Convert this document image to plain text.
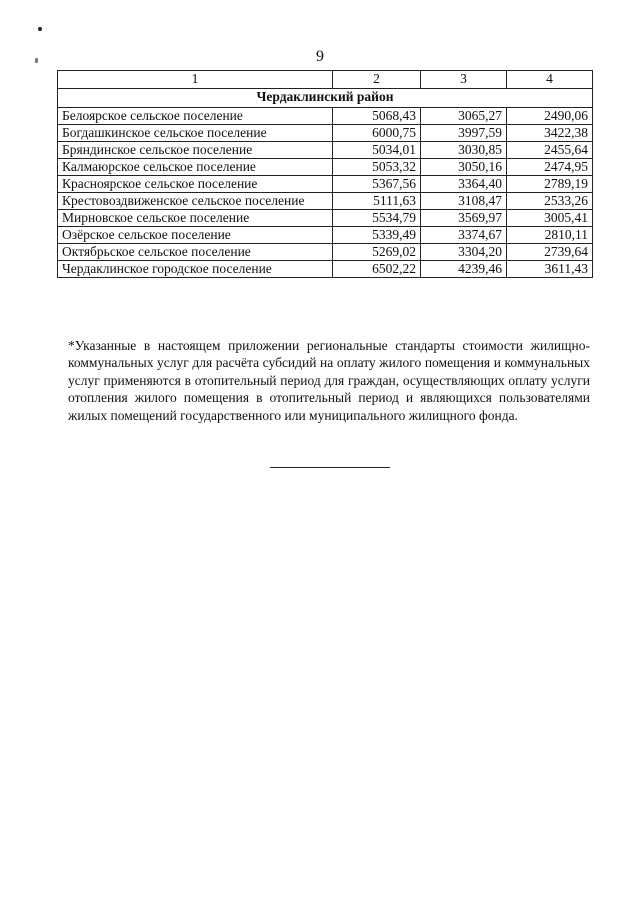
9
1	2	3	4
Чердаклинский район			
Белоярское сельское поселение	5068,43	3065,27	2490,06
Богдашкинское сельское поселение	6000,75	3997,59	3422,38
Бряндинское сельское поселение	5034,01	3030,85	2455,64
Калмаюрское сельское поселение	5053,32	3050,16	2474,95
Красноярское сельское поселение	5367,56	3364,40	2789,19
Крестовоздвиженское сельское поселение	5111,63	3108,47	2533,26
Мирновское сельское поселение	5534,79	3569,97	3005,41
Озёрское сельское поселение	5339,49	3374,67	2810,11
Октябрьское сельское поселение	5269,02	3304,20	2739,64
Чердаклинское городское поселение	6502,22	4239,46	3611,43

*Указанные в настоящем приложении региональные стандарты стоимости жилищно-коммунальных услуг для расчёта субсидий на оплату жилого помещения и коммунальных услуг применяются в отопительный период для граждан, осуществляющих оплату услуги отопления жилого помещения в отопительный период и являющихся пользователями жилых помещений государственного или муниципального жилищного фонда.
